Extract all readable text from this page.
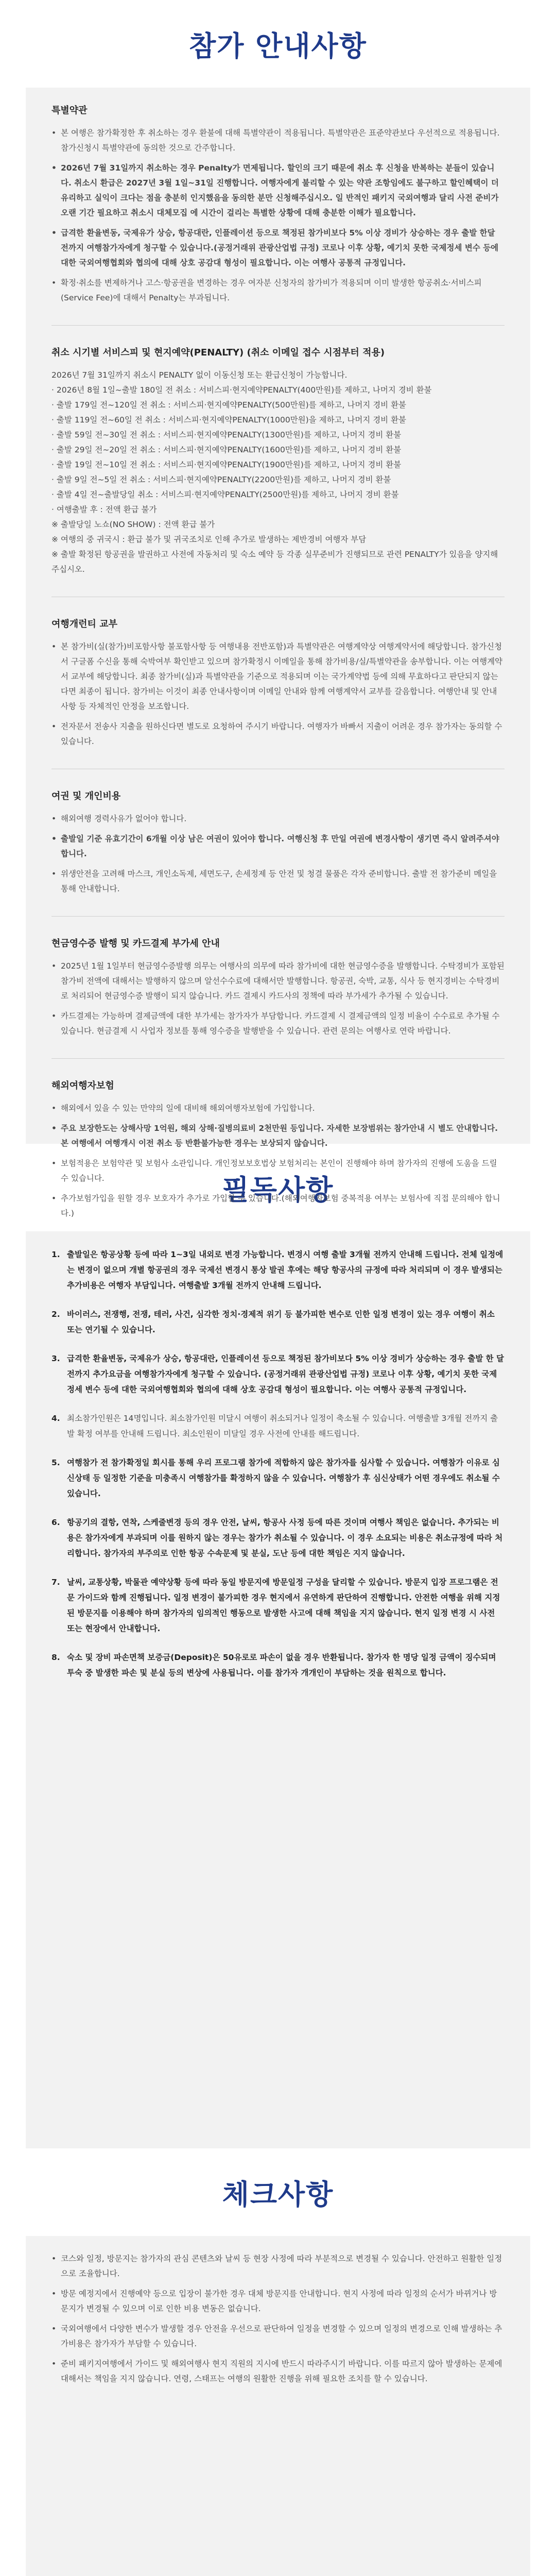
참가 안내사항

특별약관

• 본 여행은 참가확정한 후 취소하는 경우 환불에 대해 특별약관이 적용됩니다. 특별약관은 표준약관보다 우선적으로 적용됩니다. 참가신청시 특별약관에 동의한 것으로 간주합니다.
• 2026년 7월 31일까지 취소하는 경우 Penalty가 면제됩니다. 할인의 크기 때문에 취소 후 신청을 반복하는 분들이 있습니다. 취소시 환급은 2027년 3월 1일~31일 진행합니다. 여행자에게 불리할 수 있는 약관 조항임에도 불구하고 할인혜택이 더 유리하고 실익이 크다는 점을 충분히 인지했음을 동의한 분만 신청해주십시오. 일 반적인 패키지 국외여행과 달리 사전 준비가 오랜 기간 필요하고 취소시 대체모집 에 시간이 걸리는 특별한 상황에 대해 충분한 이해가 필요합니다.
• 급격한 환율변동, 국제유가 상승, 항공대란, 인플레이션 등으로 책정된 참가비보다 5% 이상 경비가 상승하는 경우 출발 한달 전까지 여행참가자에게 청구할 수 있습니다.(공정거래위 관광산업법 규정) 코로나 이후 상황, 예기치 못한 국제정세 변수 등에 대한 국외여행협회와 협의에 대해 상호 공감대 형성이 필요합니다. 이는 여행사 공통적 규정입니다.
• 확정·취소를 변제하거나 고스·항공권을 변경하는 경우 여자분 신청자의 참가비가 적용되며 이미 발생한 항공취소·서비스피(Service Fee)에 대해서 Penalty는 부과됩니다.

취소 시기별 서비스피 및 현지예약(PENALTY) (취소 이메일 접수 시점부터 적용)

2026년 7월 31일까지 취소시 PENALTY 없이 이동신청 또는 환급신청이 가능합니다.

· 2026년 8월 1일~출발 180일 전 취소 : 서비스피·현지예약PENALTY(400만원)를 제하고, 나머지 경비 환불

· 출발 179일 전~120일 전 취소 : 서비스피·현지예약PENALTY(500만원)를 제하고, 나머지 경비 환불

· 출발 119일 전~60일 전 취소 : 서비스피·현지예약PENALTY(1000만원)을 제하고, 나머지 경비 환불

· 출발 59일 전~30일 전 취소 : 서비스피·현지예약PENALTY(1300만원)를 제하고, 나머지 경비 환불

· 출발 29일 전~20일 전 취소 : 서비스피·현지예약PENALTY(1600만원)를 제하고, 나머지 경비 환불

· 출발 19일 전~10일 전 취소 : 서비스피·현지예약PENALTY(1900만원)를 제하고, 나머지 경비 환불

· 출발 9일 전~5일 전 취소 : 서비스피·현지예약PENALTY(2200만원)를 제하고, 나머지 경비 환불

· 출발 4일 전~출발당일 취소 : 서비스피·현지예약PENALTY(2500만원)를 제하고, 나머지 경비 환불

· 여행출발 후 : 전액 환급 불가

※ 출발당일 노쇼(NO SHOW) : 전액 환급 불가

※ 여행의 중 귀국시 : 환급 불가 및 귀국조치로 인해 추가로 발생하는 제반경비 여행자 부담

※ 출발 확정된 항공권을 발권하고 사전에 자동처리 및 숙소 예약 등 각종 실무준비가 진행되므로 관련 PENALTY가 있음을 양지해주십시오.

여행개런티 교부

• 본 참가비(실(참가)비포함사항 불포함사항 등 여행내용 전반포함)과 특별약관은 여행계약상 여행계약서에 해당합니다. 참가신청서 구글폼 수신을 통해 숙박여부 확인받고 있으며 참가확정시 이메일을 통해 참가비용/실/특별약관을 송부합니다. 이는 여행계약서 교부에 해당합니다. 최종 참가비(실)과 특별약관을 기준으로 적용되며 이는 국가계약법 등에 의해 무효하다고 판단되지 않는다면 최종이 됩니다. 참가비는 이것이 최종 안내사항이며 이메일 안내와 함께 여행계약서 교부를 갈음합니다. 여행안내 및 안내사항 등 자체적인 안정을 보조합니다.
• 전자문서 전송사 지출을 원하신다면 별도로 요청하여 주시기 바랍니다. 여행자가 바빠서 지출이 어려운 경우 참가자는 동의할 수 있습니다.

여권 및 개인비용

• 해외여행 경력사유가 없어야 합니다.
• 출발일 기준 유효기간이 6개월 이상 남은 여권이 있어야 합니다. 여행신청 후 만일 여권에 변경사항이 생기면 즉시 알려주셔야 합니다.
• 위생안전을 고려해 마스크, 개인소독제, 세면도구, 손세정제 등 안전 및 청결 물품은 각자 준비합니다. 출발 전 참가준비 메일을 통해 안내합니다.

현금영수증 발행 및 카드결제 부가세 안내

• 2025년 1월 1일부터 현금영수증발행 의무는 여행사의 의무에 따라 참가비에 대한 현금영수증을 발행합니다. 수탁경비가 포함된 참가비 전액에 대해서는 발행하지 않으며 알선수수료에 대해서만 발행합니다. 항공권, 숙박, 교통, 식사 등 현지경비는 수탁경비로 처리되어 현금영수증 발행이 되지 않습니다. 카드 결제시 카드사의 정책에 따라 부가세가 추가될 수 있습니다.
• 카드결제는 가능하며 결제금액에 대한 부가세는 참가자가 부담합니다. 카드결제 시 결제금액의 일정 비율이 수수료로 추가될 수 있습니다. 현금결제 시 사업자 정보를 통해 영수증을 발행받을 수 있습니다. 관련 문의는 여행사로 연락 바랍니다.

해외여행자보험

• 해외에서 있을 수 있는 만약의 일에 대비해 해외여행자보험에 가입합니다.
• 주요 보장한도는 상해사망 1억원, 해외 상해·질병의료비 2천만원 등입니다. 자세한 보장범위는 참가안내 시 별도 안내합니다. 본 여행에서 여행개시 이전 취소 등 반환불가능한 경우는 보상되지 않습니다.
• 보험적용은 보험약관 및 보험사 소관입니다. 개인정보보호법상 보험처리는 본인이 진행해야 하며 참가자의 진행에 도움을 드릴 수 있습니다.
• 추가보험가입을 원할 경우 보호자가 추가로 가입할 수 있습니다.(해외여행자보험 중복적용 여부는 보험사에 직접 문의해야 합니다.)
필독사항
1. 출발일은 항공상황 등에 따라 1~3일 내외로 변경 가능합니다. 변경시 여행 출발 3개월 전까지 안내해 드립니다. 전체 일정에는 변경이 없으며 개별 항공권의 경우 국제선 변경시 통상 발권 후에는 해당 항공사의 규정에 따라 처리되며 이 경우 발생되는 추가비용은 여행자 부담입니다. 여행출발 3개월 전까지 안내해 드립니다.
2. 바이러스, 전쟁행, 전쟁, 테러, 사건, 심각한 정치·경제적 위기 등 불가피한 변수로 인한 일정 변경이 있는 경우 여행이 취소 또는 연기될 수 있습니다.
3. 급격한 환율변동, 국제유가 상승, 항공대란, 인플레이션 등으로 책정된 참가비보다 5% 이상 경비가 상승하는 경우 출발 한 달 전까지 추가요금을 여행참가자에게 청구할 수 있습니다. (공정거래위 관광산업법 규정) 코로나 이후 상황, 예기치 못한 국제정세 변수 등에 대한 국외여행협회와 협의에 대해 상호 공감대 형성이 필요합니다. 이는 여행사 공통적 규정입니다.
4. 최소참가인원은 14명입니다. 최소참가인원 미달시 여행이 취소되거나 일정이 축소될 수 있습니다. 여행출발 3개월 전까지 출발 확정 여부를 안내해 드립니다. 최소인원이 미달일 경우 사전에 안내를 해드립니다.
5. 여행참가 전 참가확정일 회시를 통해 우리 프로그램 참가에 적합하지 않은 참가자를 심사할 수 있습니다. 여행참가 이유로 심신상태 등 일정한 기준을 미충족시 여행참가를 확정하지 않을 수 있습니다. 여행참가 후 심신상태가 어떤 경우에도 취소될 수 있습니다.
6. 항공기의 결항, 연착, 스케줄변경 등의 경우 안전, 날씨, 항공사 사정 등에 따른 것이며 여행사 책임은 없습니다. 추가되는 비용은 참가자에게 부과되며 이를 원하지 않는 경우는 참가가 취소될 수 있습니다. 이 경우 소요되는 비용은 취소규정에 따라 처리합니다. 참가자의 부주의로 인한 항공 수속문제 및 분실, 도난 등에 대한 책임은 지지 않습니다.
7. 날씨, 교통상황, 박물관 예약상황 등에 따라 동일 방문지에 방문일정 구성을 달리할 수 있습니다. 방문지 입장 프로그램은 전문 가이드와 함께 진행됩니다. 일정 변경이 불가피한 경우 현지에서 유연하게 판단하여 진행합니다. 안전한 여행을 위해 지정된 방문지를 이용해야 하며 참가자의 임의적인 행동으로 발생한 사고에 대해 책임을 지지 않습니다. 현지 일정 변경 시 사전 또는 현장에서 안내합니다.
8. 숙소 및 장비 파손면책 보증금(Deposit)은 50유로로 파손이 없을 경우 반환됩니다. 참가자 한 명당 일정 금액이 징수되며 투숙 중 발생한 파손 및 분실 등의 변상에 사용됩니다. 이를 참가자 개개인이 부담하는 것을 원칙으로 합니다.
체크사항
• 코스와 일정, 방문지는 참가자의 관심 콘텐츠와 날씨 등 현장 사정에 따라 부분적으로 변경될 수 있습니다. 안전하고 원활한 일정으로 조율합니다.
• 방문 예정지에서 진행예약 등으로 입장이 불가한 경우 대체 방문지를 안내합니다. 현지 사정에 따라 일정의 순서가 바뀌거나 방문지가 변경될 수 있으며 이로 인한 비용 변동은 없습니다.
• 국외여행에서 다양한 변수가 발생할 경우 안전을 우선으로 판단하여 일정을 변경할 수 있으며 일정의 변경으로 인해 발생하는 추가비용은 참가자가 부담할 수 있습니다.
• 준비 패키지여행에서 가이드 및 해외여행사 현지 직원의 지시에 반드시 따라주시기 바랍니다. 이를 따르지 않아 발생하는 문제에 대해서는 책임을 지지 않습니다. 연령, 스태프는 여행의 원활한 진행을 위해 필요한 조치를 할 수 있습니다.
